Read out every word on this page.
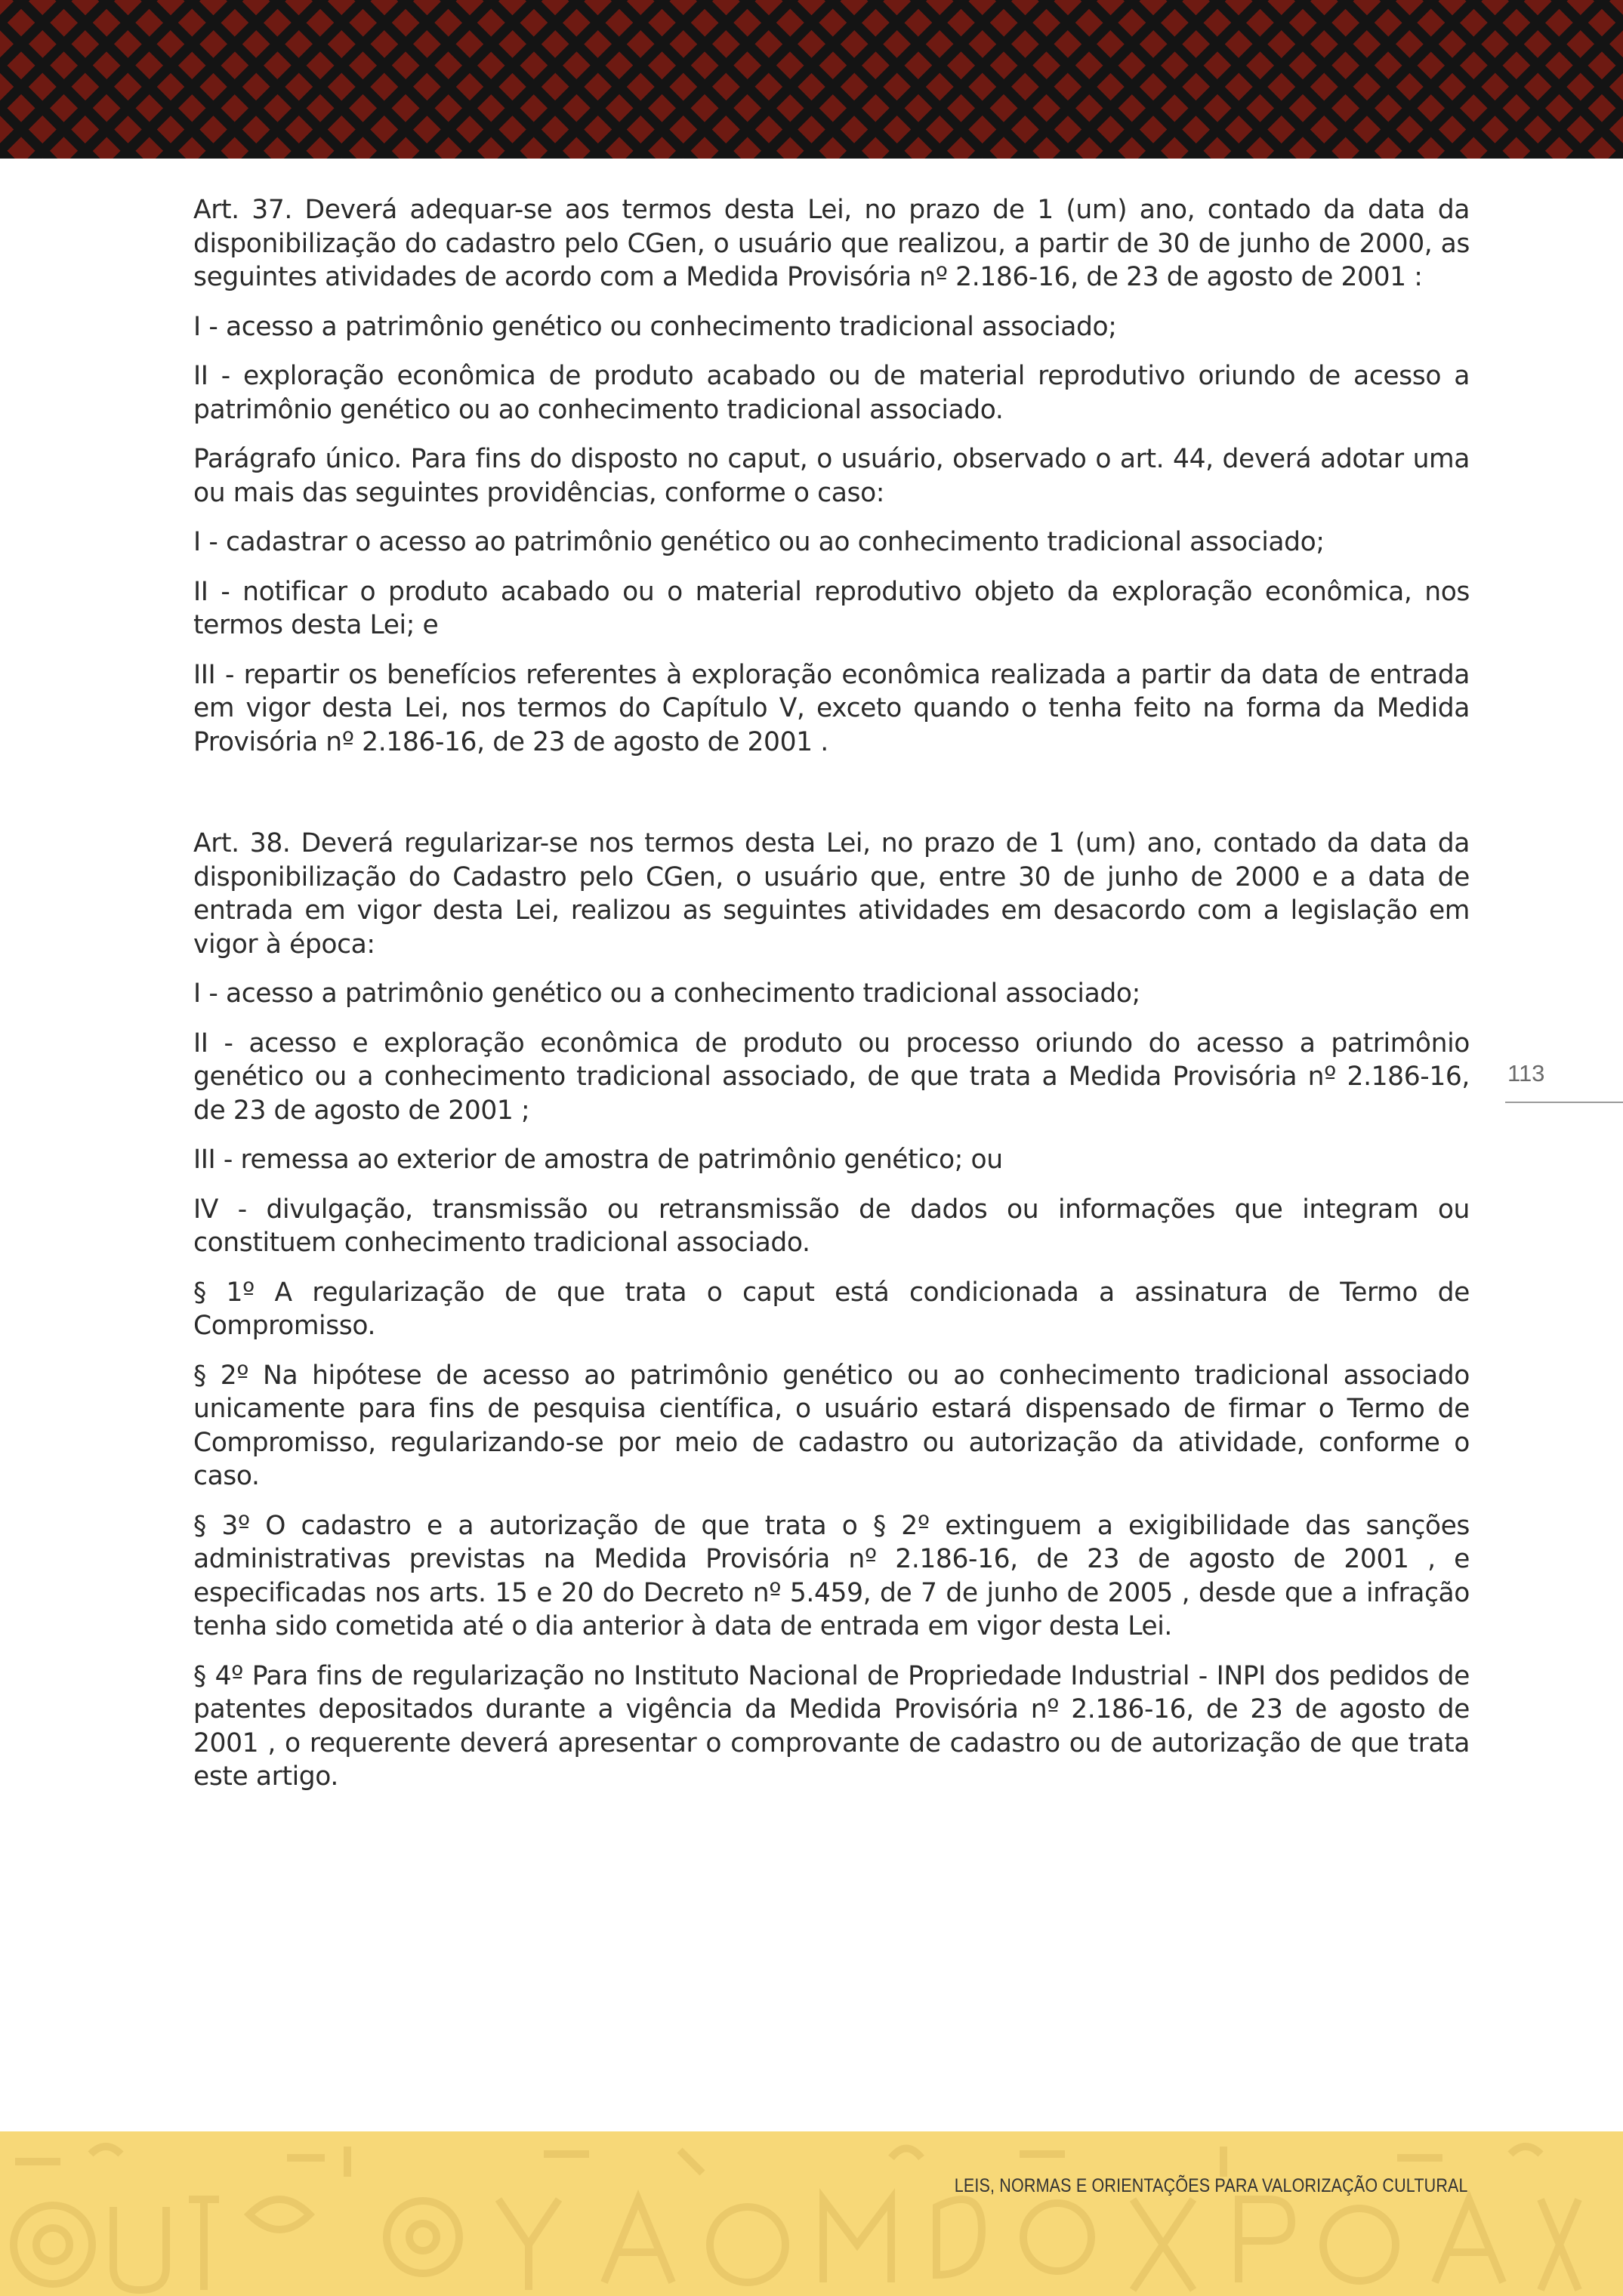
Art. 37. Deverá adequar-se aos termos desta Lei, no prazo de 1 (um) ano, contado da data da disponibilização do cadastro pelo CGen, o usuário que realizou, a partir de 30 de junho de 2000, as seguintes atividades de acordo com a Medida Provisória nº 2.186-16, de 23 de agosto de 2001 :

I - acesso a patrimônio genético ou conhecimento tradicional associado;

II - exploração econômica de produto acabado ou de material reprodutivo oriundo de acesso a patrimônio genético ou ao conhecimento tradicional associado.

Parágrafo único. Para fins do disposto no caput, o usuário, observado o art. 44, deverá adotar uma ou mais das seguintes providências, conforme o caso:

I - cadastrar o acesso ao patrimônio genético ou ao conhecimento tradicional associado;

II - notificar o produto acabado ou o material reprodutivo objeto da exploração econômica, nos termos desta Lei; e

III - repartir os benefícios referentes à exploração econômica realizada a partir da data de entrada em vigor desta Lei, nos termos do Capítulo V, exceto quando o tenha feito na forma da Medida Provisória nº 2.186-16, de 23 de agosto de 2001 .

Art. 38. Deverá regularizar-se nos termos desta Lei, no prazo de 1 (um) ano, contado da data da disponibilização do Cadastro pelo CGen, o usuário que, entre 30 de junho de 2000 e a data de entrada em vigor desta Lei, realizou as seguintes atividades em desacordo com a legislação em vigor à época:

I - acesso a patrimônio genético ou a conhecimento tradicional associado;

II - acesso e exploração econômica de produto ou processo oriundo do acesso a patrimônio genético ou a conhecimento tradicional associado, de que trata a Medida Provisória nº 2.186-16, de 23 de agosto de 2001 ;

III - remessa ao exterior de amostra de patrimônio genético; ou

IV - divulgação, transmissão ou retransmissão de dados ou informações que integram ou constituem conhecimento tradicional associado.

§ 1º A regularização de que trata o caput está condicionada a assinatura de Termo de Compromisso.

§ 2º Na hipótese de acesso ao patrimônio genético ou ao conhecimento tradicional associado unicamente para fins de pesquisa científica, o usuário estará dispensado de firmar o Termo de Compromisso, regularizando-se por meio de cadastro ou autorização da atividade, conforme o caso.

§ 3º O cadastro e a autorização de que trata o § 2º extinguem a exigibilidade das sanções administrativas previstas na Medida Provisória nº 2.186-16, de 23 de agosto de 2001 , e especificadas nos arts. 15 e 20 do Decreto nº 5.459, de 7 de junho de 2005 , desde que a infração tenha sido cometida até o dia anterior à data de entrada em vigor desta Lei.

§ 4º Para fins de regularização no Instituto Nacional de Propriedade Industrial - INPI dos pedidos de patentes depositados durante a vigência da Medida Provisória nº 2.186-16, de 23 de agosto de 2001 , o requerente deverá apresentar o comprovante de cadastro ou de autorização de que trata este artigo.

113
LEIS, NORMAS E ORIENTAÇÕES PARA VALORIZAÇÃO CULTURAL
